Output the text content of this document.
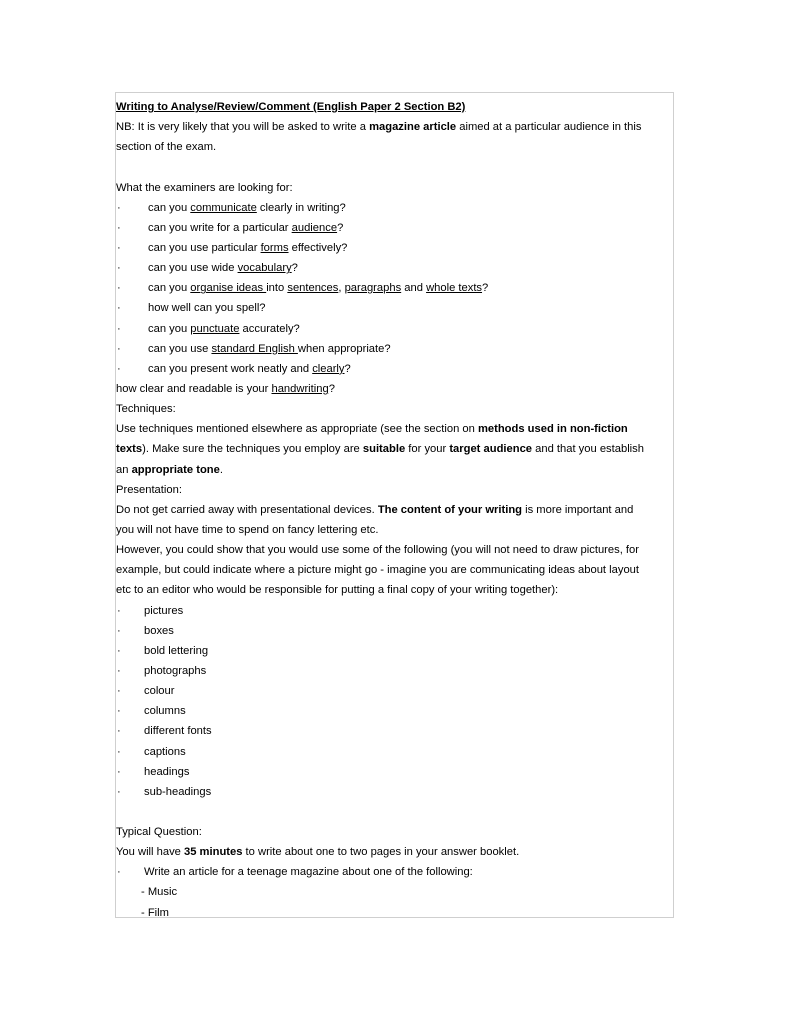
Writing to Analyse/Review/Comment (English Paper 2 Section B2)
NB: It is very likely that you will be asked to write a magazine article aimed at a particular audience in this
section of the exam.
What the examiners are looking for:
· can you communicate clearly in writing?
· can you write for a particular audience?
· can you use particular forms effectively?
· can you use wide vocabulary?
· can you organise ideas into sentences, paragraphs and whole texts?
· how well can you spell?
· can you punctuate accurately?
· can you use standard English when appropriate?
· can you present work neatly and clearly?
how clear and readable is your handwriting?
Techniques:
Use techniques mentioned elsewhere as appropriate (see the section on methods used in non-fiction
texts). Make sure the techniques you employ are suitable for your target audience and that you establish
an appropriate tone.
Presentation:
Do not get carried away with presentational devices. The content of your writing is more important and
you will not have time to spend on fancy lettering etc.
However, you could show that you would use some of the following (you will not need to draw pictures, for
example, but could indicate where a picture might go - imagine you are communicating ideas about layout
etc to an editor who would be responsible for putting a final copy of your writing together):
· pictures
· boxes
· bold lettering
· photographs
· colour
· columns
· different fonts
· captions
· headings
· sub-headings
Typical Question:
You will have 35 minutes to write about one to two pages in your answer booklet.
· Write an article for a teenage magazine about one of the following:
- Music
- Film
